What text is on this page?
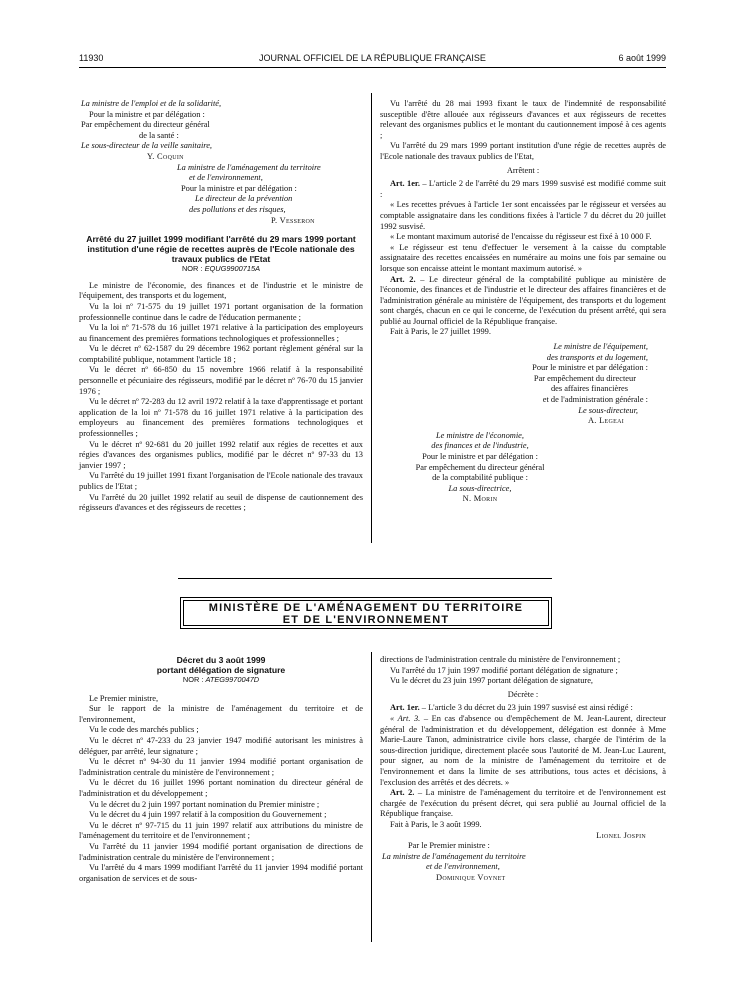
11930	JOURNAL OFFICIEL DE LA RÉPUBLIQUE FRANÇAISE	6 août 1999

La ministre de l'emploi et de la solidarité,

Pour la ministre et par délégation :

Par empêchement du directeur général

de la santé :

Le sous-directeur de la veille sanitaire,

Y. Coquin

La ministre de l'aménagement du territoire

et de l'environnement,

Pour la ministre et par délégation :

Le directeur de la prévention

des pollutions et des risques,

P. Vesseron

Arrêté du 27 juillet 1999 modifiant l'arrêté du 29 mars 1999 portant institution d'une régie de recettes auprès de l'Ecole nationale des travaux publics de l'Etat

NOR : EQUG9900715A

Le ministre de l'économie, des finances et de l'industrie et le ministre de l'équipement, des transports et du logement,

Vu la loi nº 71-575 du 19 juillet 1971 portant organisation de la formation professionnelle continue dans le cadre de l'éducation permanente ;

Vu la loi nº 71-578 du 16 juillet 1971 relative à la participation des employeurs au financement des premières formations technologiques et professionnelles ;

Vu le décret nº 62-1587 du 29 décembre 1962 portant règlement général sur la comptabilité publique, notamment l'article 18 ;

Vu le décret nº 66-850 du 15 novembre 1966 relatif à la responsabilité personnelle et pécuniaire des régisseurs, modifié par le décret nº 76-70 du 15 janvier 1976 ;

Vu le décret nº 72-283 du 12 avril 1972 relatif à la taxe d'apprentissage et portant application de la loi nº 71-578 du 16 juillet 1971 relative à la participation des employeurs au financement des premières formations technologiques et professionnelles ;

Vu le décret nº 92-681 du 20 juillet 1992 relatif aux régies de recettes et aux régies d'avances des organismes publics, modifié par le décret nº 97-33 du 13 janvier 1997 ;

Vu l'arrêté du 19 juillet 1991 fixant l'organisation de l'Ecole nationale des travaux publics de l'Etat ;

Vu l'arrêté du 20 juillet 1992 relatif au seuil de dispense de cautionnement des régisseurs d'avances et des régisseurs de recettes ;

Vu l'arrêté du 28 mai 1993 fixant le taux de l'indemnité de responsabilité susceptible d'être allouée aux régisseurs d'avances et aux régisseurs de recettes relevant des organismes publics et le montant du cautionnement imposé à ces agents ;

Vu l'arrêté du 29 mars 1999 portant institution d'une régie de recettes auprès de l'Ecole nationale des travaux publics de l'Etat,

Arrêtent :

Art. 1er. – L'article 2 de l'arrêté du 29 mars 1999 susvisé est modifié comme suit :

« Les recettes prévues à l'article 1er sont encaissées par le régisseur et versées au comptable assignataire dans les conditions fixées à l'article 7 du décret du 20 juillet 1992 susvisé.

« Le montant maximum autorisé de l'encaisse du régisseur est fixé à 10 000 F.

« Le régisseur est tenu d'effectuer le versement à la caisse du comptable assignataire des recettes encaissées en numéraire au moins une fois par semaine ou lorsque son encaisse atteint le montant maximum autorisé. »

Art. 2. – Le directeur général de la comptabilité publique au ministère de l'économie, des finances et de l'industrie et le directeur des affaires financières et de l'administration générale au ministère de l'équipement, des transports et du logement sont chargés, chacun en ce qui le concerne, de l'exécution du présent arrêté, qui sera publié au Journal officiel de la République française.

Fait à Paris, le 27 juillet 1999.

Le ministre de l'équipement,

des transports et du logement,

Pour le ministre et par délégation :

Par empêchement du directeur

des affaires financières

et de l'administration générale :

Le sous-directeur,

A. Legeai

Le ministre de l'économie,

des finances et de l'industrie,

Pour le ministre et par délégation :

Par empêchement du directeur général

de la comptabilité publique :

La sous-directrice,

N. Morin

MINISTÈRE DE L'AMÉNAGEMENT DU TERRITOIRE
ET DE L'ENVIRONNEMENT

Décret du 3 août 1999

portant délégation de signature

NOR : ATEG9970047D

Le Premier ministre,

Sur le rapport de la ministre de l'aménagement du territoire et de l'environnement,

Vu le code des marchés publics ;

Vu le décret nº 47-233 du 23 janvier 1947 modifié autorisant les ministres à déléguer, par arrêté, leur signature ;

Vu le décret nº 94-30 du 11 janvier 1994 modifié portant organisation de l'administration centrale du ministère de l'environnement ;

Vu le décret du 16 juillet 1996 portant nomination du directeur général de l'administration et du développement ;

Vu le décret du 2 juin 1997 portant nomination du Premier ministre ;

Vu le décret du 4 juin 1997 relatif à la composition du Gouvernement ;

Vu le décret nº 97-715 du 11 juin 1997 relatif aux attributions du ministre de l'aménagement du territoire et de l'environnement ;

Vu l'arrêté du 11 janvier 1994 modifié portant organisation de directions de l'administration centrale du ministère de l'environnement ;

Vu l'arrêté du 4 mars 1999 modifiant l'arrêté du 11 janvier 1994 modifié portant organisation de services et de sous-

directions de l'administration centrale du ministère de l'environnement ;

Vu l'arrêté du 17 juin 1997 modifié portant délégation de signature ;

Vu le décret du 23 juin 1997 portant délégation de signature,

Décrète :

Art. 1er. – L'article 3 du décret du 23 juin 1997 susvisé est ainsi rédigé :

« Art. 3. – En cas d'absence ou d'empêchement de M. Jean-Laurent, directeur général de l'administration et du développement, délégation est donnée à Mme Marie-Laure Tanon, administratrice civile hors classe, chargée de l'intérim de la sous-direction juridique, directement placée sous l'autorité de M. Jean-Luc Laurent, pour signer, au nom de la ministre de l'aménagement du territoire et de l'environnement et dans la limite de ses attributions, tous actes et décisions, à l'exclusion des arrêtés et des décrets. »

Art. 2. – La ministre de l'aménagement du territoire et de l'environnement est chargée de l'exécution du présent décret, qui sera publié au Journal officiel de la République française.

Fait à Paris, le 3 août 1999.

Lionel Jospin

Par le Premier ministre :

La ministre de l'aménagement du territoire

et de l'environnement,

Dominique Voynet
